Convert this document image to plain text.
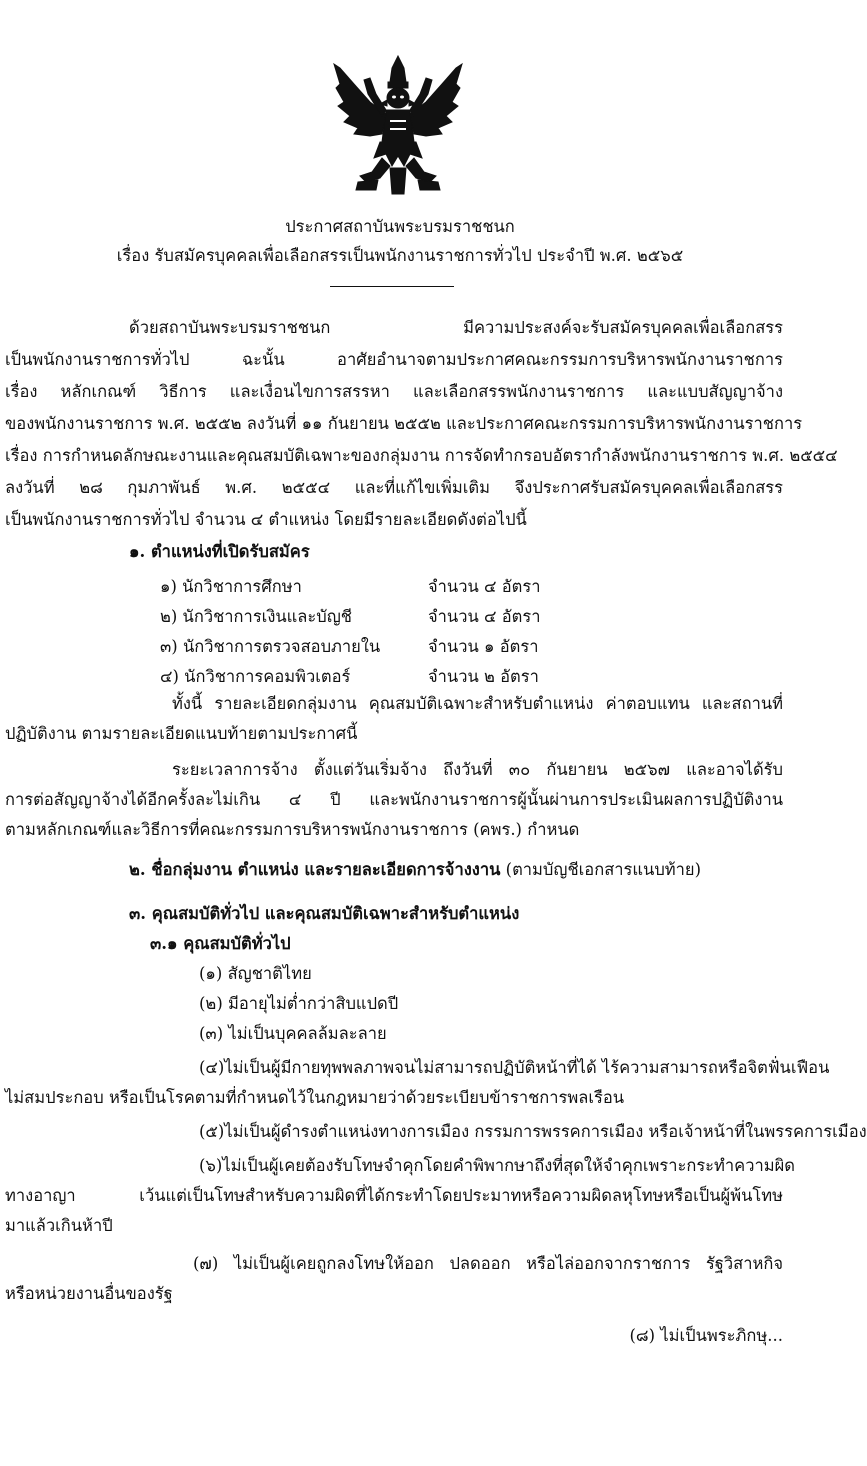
ประกาศสถาบันพระบรมราชชนก
เรื่อง รับสมัครบุคคลเพื่อเลือกสรรเป็นพนักงานราชการทั่วไป ประจำปี พ.ศ. ๒๕๖๕
ด้วยสถาบันพระบรมราชชนก มีความประสงค์จะรับสมัครบุคคลเพื่อเลือกสรร
เป็นพนักงานราชการทั่วไป ฉะนั้น อาศัยอำนาจตามประกาศคณะกรรมการบริหารพนักงานราชการ
เรื่อง หลักเกณฑ์ วิธีการ และเงื่อนไขการสรรหา และเลือกสรรพนักงานราชการ และแบบสัญญาจ้าง
ของพนักงานราชการ พ.ศ. ๒๕๕๒ ลงวันที่ ๑๑ กันยายน ๒๕๕๒ และประกาศคณะกรรมการบริหารพนักงานราชการ
เรื่อง การกำหนดลักษณะงานและคุณสมบัติเฉพาะของกลุ่มงาน การจัดทำกรอบอัตรากำลังพนักงานราชการ พ.ศ. ๒๕๕๔
ลงวันที่ ๒๘ กุมภาพันธ์ พ.ศ. ๒๕๕๔ และที่แก้ไขเพิ่มเติม จึงประกาศรับสมัครบุคคลเพื่อเลือกสรร
เป็นพนักงานราชการทั่วไป จำนวน ๔ ตำแหน่ง โดยมีรายละเอียดดังต่อไปนี้
๑. ตำแหน่งที่เปิดรับสมัคร
๑) นักวิชาการศึกษา	จำนวน ๔ อัตรา
๒) นักวิชาการเงินและบัญชี	จำนวน ๔ อัตรา
๓) นักวิชาการตรวจสอบภายใน	จำนวน ๑ อัตรา
๔) นักวิชาการคอมพิวเตอร์	จำนวน ๒ อัตรา
ทั้งนี้ รายละเอียดกลุ่มงาน คุณสมบัติเฉพาะสำหรับตำแหน่ง ค่าตอบแทน และสถานที่
ปฏิบัติงาน ตามรายละเอียดแนบท้ายตามประกาศนี้
ระยะเวลาการจ้าง ตั้งแต่วันเริ่มจ้าง ถึงวันที่ ๓๐ กันยายน ๒๕๖๗ และอาจได้รับ
การต่อสัญญาจ้างได้อีกครั้งละไม่เกิน ๔ ปี และพนักงานราชการผู้นั้นผ่านการประเมินผลการปฏิบัติงาน
ตามหลักเกณฑ์และวิธีการที่คณะกรรมการบริหารพนักงานราชการ (คพร.) กำหนด
๒. ชื่อกลุ่มงาน ตำแหน่ง และรายละเอียดการจ้างงาน (ตามบัญชีเอกสารแนบท้าย)
๓. คุณสมบัติทั่วไป และคุณสมบัติเฉพาะสำหรับตำแหน่ง
๓.๑ คุณสมบัติทั่วไป
(๑) สัญชาติไทย
(๒) มีอายุไม่ต่ำกว่าสิบแปดปี
(๓) ไม่เป็นบุคคลล้มละลาย
(๔)ไม่เป็นผู้มีกายทุพพลภาพจนไม่สามารถปฏิบัติหน้าที่ได้ ไร้ความสามารถหรือจิตฟั่นเฟือน
ไม่สมประกอบ หรือเป็นโรคตามที่กำหนดไว้ในกฎหมายว่าด้วยระเบียบข้าราชการพลเรือน
(๕)ไม่เป็นผู้ดำรงตำแหน่งทางการเมือง กรรมการพรรคการเมือง หรือเจ้าหน้าที่ในพรรคการเมือง
(๖)ไม่เป็นผู้เคยต้องรับโทษจำคุกโดยคำพิพากษาถึงที่สุดให้จำคุกเพราะกระทำความผิด
ทางอาญา เว้นแต่เป็นโทษสำหรับความผิดที่ได้กระทำโดยประมาทหรือความผิดลหุโทษหรือเป็นผู้พ้นโทษ
มาแล้วเกินห้าปี
(๗) ไม่เป็นผู้เคยถูกลงโทษให้ออก ปลดออก หรือไล่ออกจากราชการ รัฐวิสาหกิจ
หรือหน่วยงานอื่นของรัฐ
(๘) ไม่เป็นพระภิกษุ...
